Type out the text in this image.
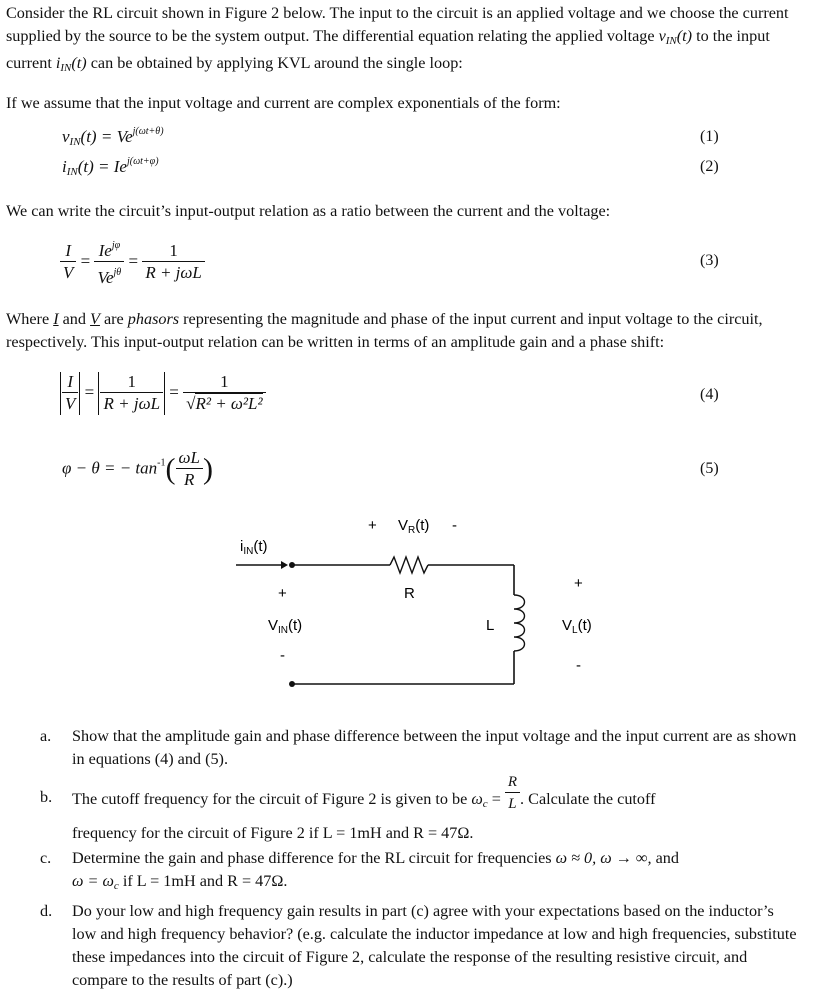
Consider the RL circuit shown in Figure 2 below. The input to the circuit is an applied voltage and we choose the current supplied by the source to be the system output. The differential equation relating the applied voltage $v_{IN}(t)$ to the input current $i_{IN}(t)$ can be obtained by applying KVL around the single loop:

If we assume that the input voltage and current are complex exponentials of the form:

$v_{IN}(t) = Ve^{j(\omega t+\theta)}$	(1)
$i_{IN}(t) = Ie^{j(\omega t+\varphi)}$	(2)

We can write the circuit’s input-output relation as a ratio between the current and the voltage:

$\frac{I}{V} = \frac{Ie^{j\varphi}}{Ve^{j\theta}} = \frac{1}{\text{R + jωL}}$	(3)

Where I and V are phasors representing the magnitude and phase of the input current and input voltage to the circuit, respectively. This input-output relation can be written in terms of an amplitude gain and a phase shift:

$\frac{I}{V} = \frac{1}{\text{R + jωL}} = \frac{1}{\text{√R² + ω²L²}}$	(4)
φ − θ = − $\tan^{-1}( \frac{\omega L}{R}$ )	(5)
+ $V_R(t)$ -
$i_{IN}(t)$
R
+
$V_{IN}(t)$
-
L
+
$V_L(t)$
-
a.	Show that the amplitude gain and phase difference between the input voltage and the input current are as shown in equations (4) and (5).
b.	The cutoff frequency for the circuit of Figure 2 is given to be $\omega_c = \frac{R}{L}$ . Calculate the cutoff
frequency for the circuit of Figure 2 if L = 1mH and R = 47Ω.
c.	Determine the gain and phase difference for the RL circuit for frequencies ω ≈ 0, ω → ∞, and
$\omega = \omega_c$ if L = 1mH and R = 47Ω.
d.	Do your low and high frequency gain results in part (c) agree with your expectations based on the inductor’s low and high frequency behavior? (e.g. calculate the inductor impedance at low and high frequencies, substitute these impedances into the circuit of Figure 2, calculate the response of the resulting resistive circuit, and compare to the results of part (c).)
